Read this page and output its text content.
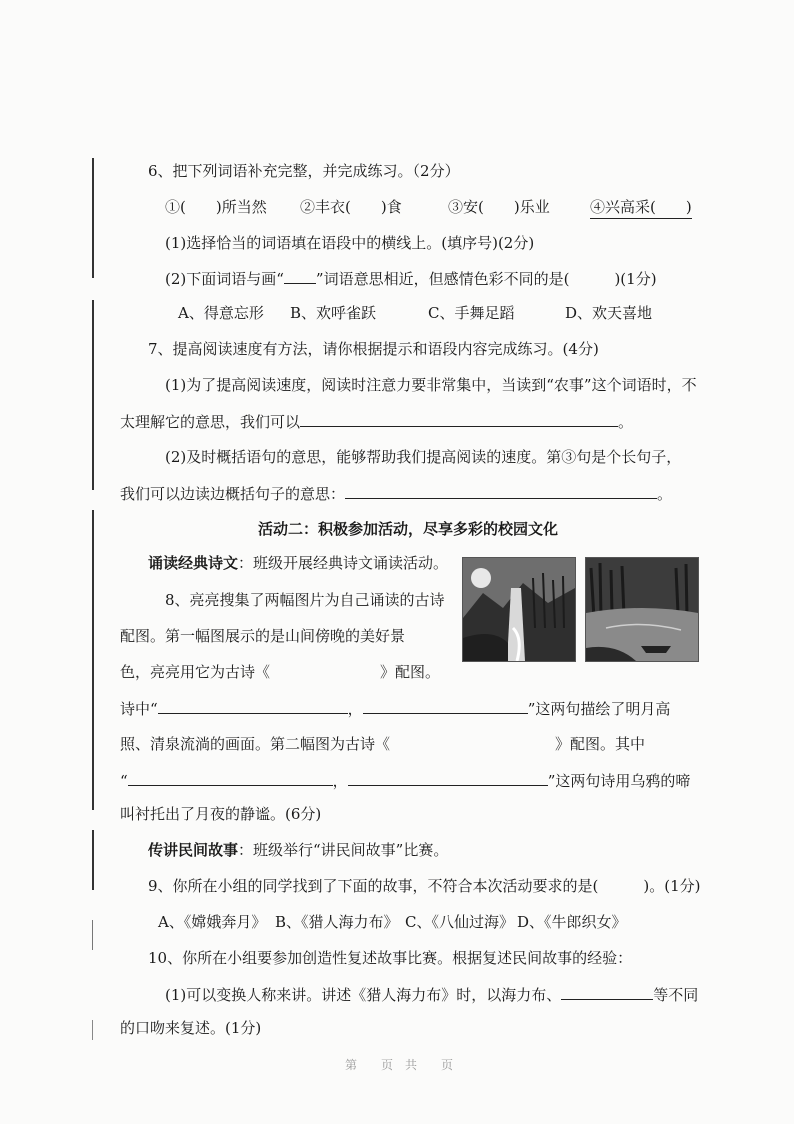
6、把下列词语补充完整，并完成练习。（2分）
①(　　)所当然 ②丰衣(　　)食	③安(　　)乐业	④兴高采(　　)
(1)选择恰当的词语填在语段中的横线上。(填序号)(2分)
(2)下面词语与画“ ”词语意思相近，但感情色彩不同的是(　　　)(1分)
A、得意忘形 B、欢呼雀跃	C、手舞足蹈	D、欢天喜地
7、提高阅读速度有方法，请你根据提示和语段内容完成练习。(4分)
(1)为了提高阅读速度，阅读时注意力要非常集中，当读到“农事”这个词语时，不
太理解它的意思，我们可以	。
(2)及时概括语句的意思，能够帮助我们提高阅读的速度。第③句是个长句子，
我们可以边读边概括句子的意思：	。
活动二：积极参加活动，尽享多彩的校园文化
诵读经典诗文：班级开展经典诗文诵读活动。
8、亮亮搜集了两幅图片为自己诵读的古诗
配图。第一幅图展示的是山间傍晚的美好景
色，亮亮用它为古诗《	》配图。
诗中“	，	”这两句描绘了明月高
照、清泉流淌的画面。第二幅图为古诗《	》配图。其中
“	，	”这两句诗用乌鸦的啼
叫衬托出了月夜的静谧。(6分)
传讲民间故事：班级举行“讲民间故事”比赛。
9、你所在小组的同学找到了下面的故事，不符合本次活动要求的是(　　　)。(1分)
A、《嫦娥奔月》 B、《猎人海力布》 C、《八仙过海》 D、《牛郎织女》
10、你所在小组要参加创造性复述故事比赛。根据复述民间故事的经验：
(1)可以变换人称来讲。讲述《猎人海力布》时，以海力布、	等不同
的口吻来复述。(1分)
第　　页　共　　页
